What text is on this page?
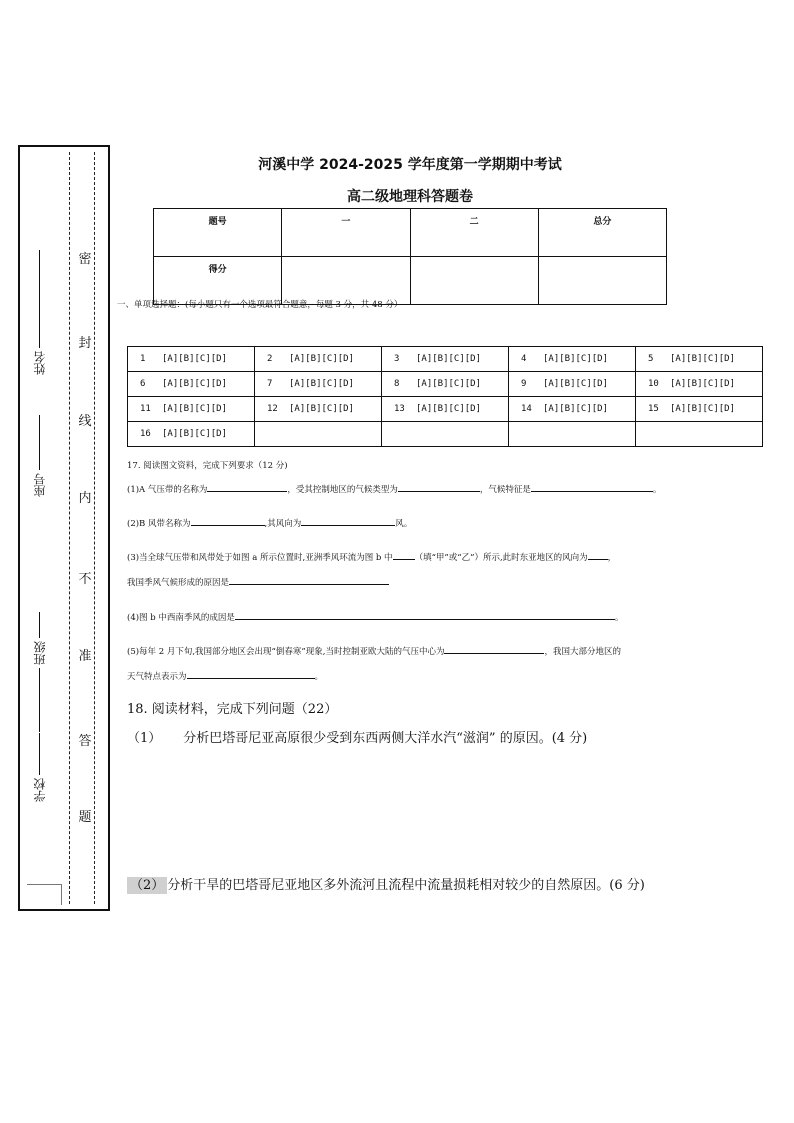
密
封
线
内
不
准
答
题
姓名
座号
班级
学校
河溪中学 2024-2025 学年度第一学期期中考试
高二级地理科答题卷
题号	一	二	总分
得分			
一、单项选择题：(每小题只有一个选项最符合题意，每题 3 分，共 48 分）
1 [A][B][C][D]	2 [A][B][C][D]	3 [A][B][C][D]	4 [A][B][C][D]	5 [A][B][C][D]
6 [A][B][C][D]	7 [A][B][C][D]	8 [A][B][C][D]	9 [A][B][C][D]	10 [A][B][C][D]
11 [A][B][C][D]	12 [A][B][C][D]	13 [A][B][C][D]	14 [A][B][C][D]	15 [A][B][C][D]
16 [A][B][C][D]				
17. 阅读图文资料，完成下列要求（12 分)
(1)A 气压带的名称为	，受其控制地区的气候类型为	，气候特征是	。
(2)B 风带名称为	,其风向为	风。
(3)当全球气压带和风带处于如图 a 所示位置时,亚洲季风环流为图 b 中	（填“甲”或“乙”）所示,此时东亚地区的风向为 ，
我国季风气候形成的原因是
(4)图 b 中西南季风的成因是	。
(5)每年 2 月下旬,我国部分地区会出现“倒春寒”现象,当时控制亚欧大陆的气压中心为	，我国大部分地区的
天气特点表示为	。
18. 阅读材料，完成下列问题（22）
（1） 分析巴塔哥尼亚高原很少受到东西两侧大洋水汽“滋润” 的原因。(4 分)
（2） 分析干旱的巴塔哥尼亚地区多外流河且流程中流量损耗相对较少的自然原因。(6 分)
